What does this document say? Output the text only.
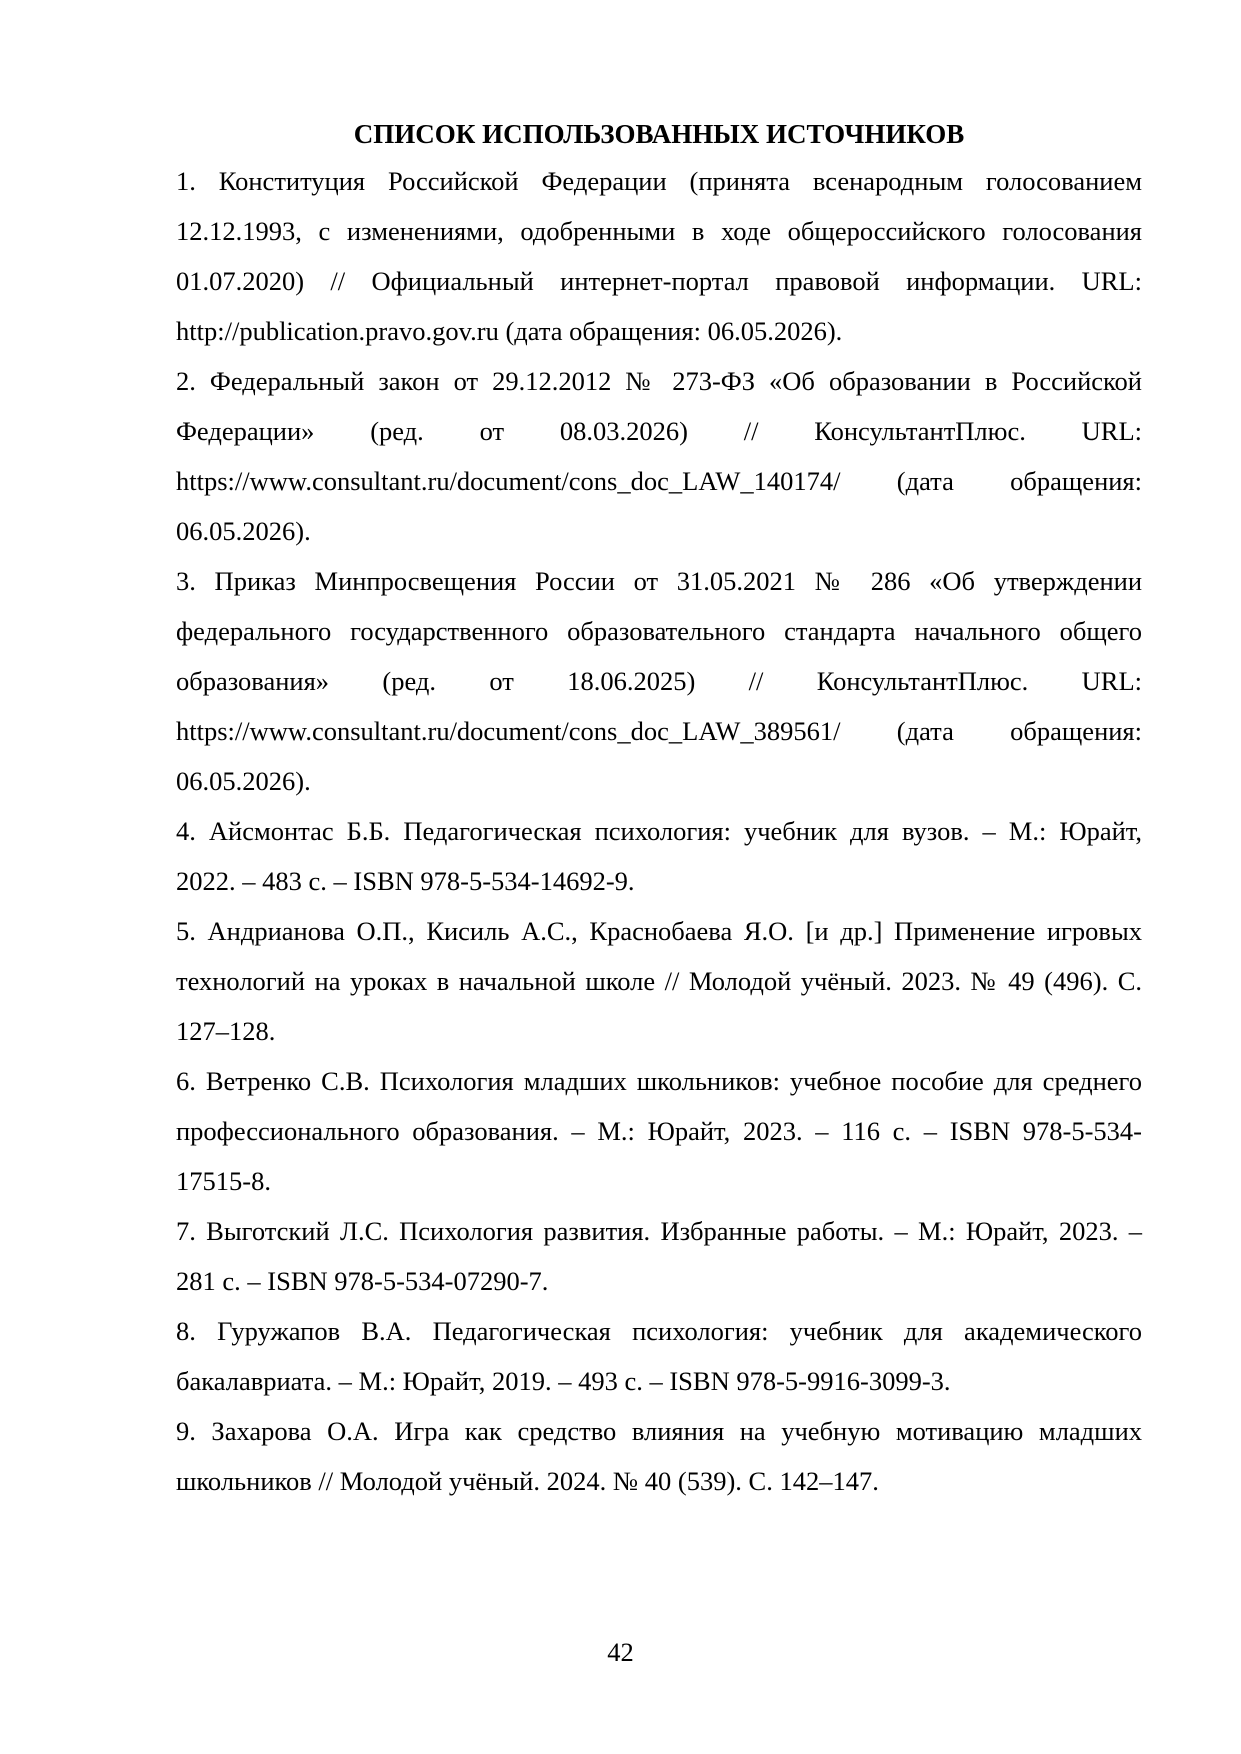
СПИСОК ИСПОЛЬЗОВАННЫХ ИСТОЧНИКОВ
1. Конституция Российской Федерации (принята всенародным голосованием 12.12.1993, с изменениями, одобренными в ходе общероссийского голосования 01.07.2020) // Официальный интернет-портал правовой информации. URL: http://publication.pravo.gov.ru (дата обращения: 06.05.2026).
2. Федеральный закон от 29.12.2012 № 273-ФЗ «Об образовании в Российской Федерации» (ред. от 08.03.2026) // КонсультантПлюс. URL: https://www.consultant.ru/document/cons_doc_LAW_140174/ (дата обращения: 06.05.2026).
3. Приказ Минпросвещения России от 31.05.2021 № 286 «Об утверждении федерального государственного образовательного стандарта начального общего образования» (ред. от 18.06.2025) // КонсультантПлюс. URL: https://www.consultant.ru/document/cons_doc_LAW_389561/ (дата обращения: 06.05.2026).
4. Айсмонтас Б.Б. Педагогическая психология: учебник для вузов. – М.: Юрайт, 2022. – 483 с. – ISBN 978-5-534-14692-9.
5. Андрианова О.П., Кисиль А.С., Краснобаева Я.О. [и др.] Применение игровых технологий на уроках в начальной школе // Молодой учёный. 2023. № 49 (496). С. 127–128.
6. Ветренко С.В. Психология младших школьников: учебное пособие для среднего профессионального образования. – М.: Юрайт, 2023. – 116 с. – ISBN 978-5-534-17515-8.
7. Выготский Л.С. Психология развития. Избранные работы. – М.: Юрайт, 2023. – 281 с. – ISBN 978-5-534-07290-7.
8. Гуружапов В.А. Педагогическая психология: учебник для академического бакалавриата. – М.: Юрайт, 2019. – 493 с. – ISBN 978-5-9916-3099-3.
9. Захарова О.А. Игра как средство влияния на учебную мотивацию младших школьников // Молодой учёный. 2024. № 40 (539). С. 142–147.
42
